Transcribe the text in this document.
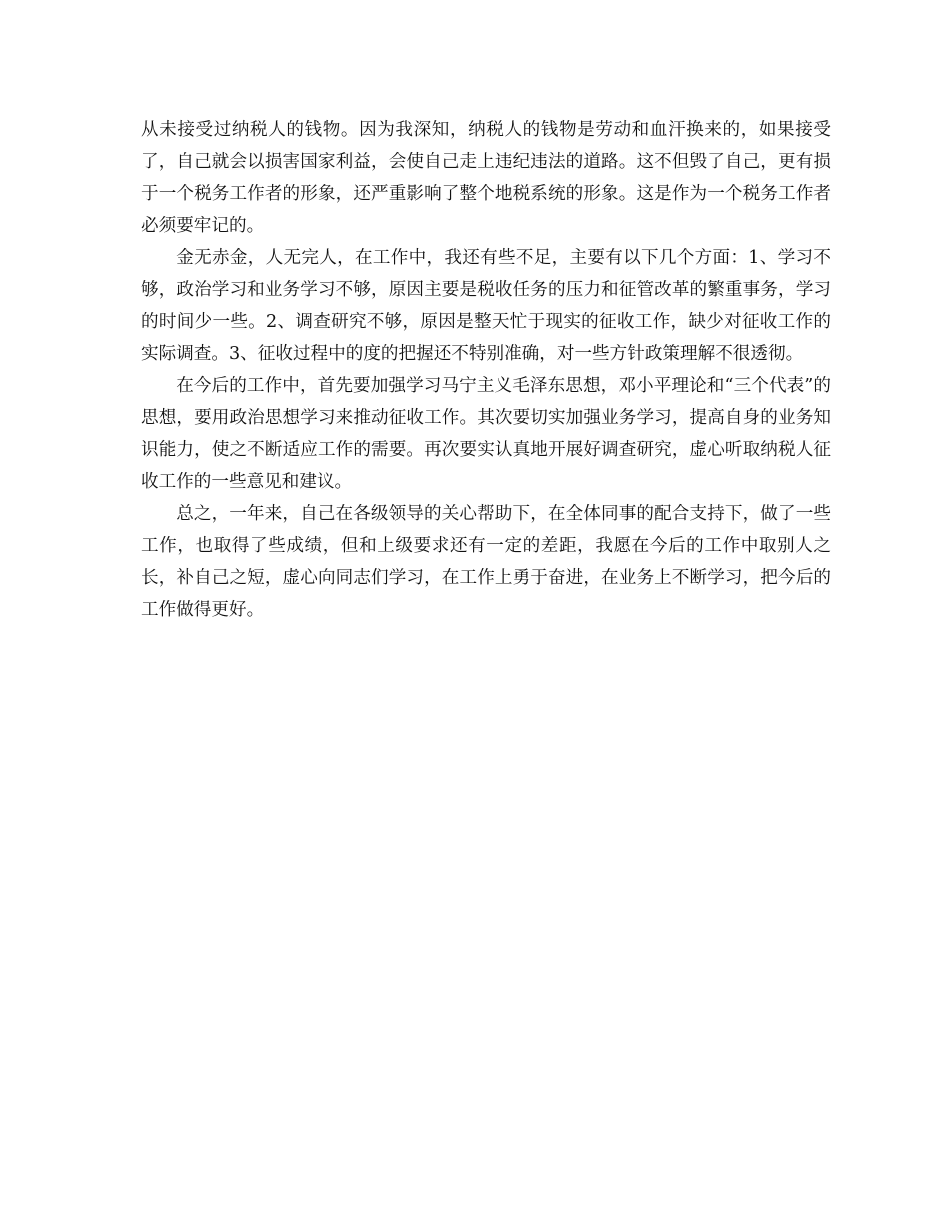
从未接受过纳税人的钱物。因为我深知，纳税人的钱物是劳动和血汗换来的，如果接受了，自己就会以损害国家利益，会使自己走上违纪违法的道路。这不但毁了自己，更有损于一个税务工作者的形象，还严重影响了整个地税系统的形象。这是作为一个税务工作者必须要牢记的。

金无赤金，人无完人，在工作中，我还有些不足，主要有以下几个方面：1、学习不够，政治学习和业务学习不够，原因主要是税收任务的压力和征管改革的繁重事务，学习的时间少一些。2、调查研究不够，原因是整天忙于现实的征收工作，缺少对征收工作的实际调查。3、征收过程中的度的把握还不特别准确，对一些方针政策理解不很透彻。

在今后的工作中，首先要加强学习马宁主义毛泽东思想，邓小平理论和“三个代表”的思想，要用政治思想学习来推动征收工作。其次要切实加强业务学习，提高自身的业务知识能力，使之不断适应工作的需要。再次要实认真地开展好调查研究，虚心听取纳税人征收工作的一些意见和建议。

总之，一年来，自己在各级领导的关心帮助下，在全体同事的配合支持下，做了一些工作，也取得了些成绩，但和上级要求还有一定的差距，我愿在今后的工作中取别人之长，补自己之短，虚心向同志们学习，在工作上勇于奋进，在业务上不断学习，把今后的工作做得更好。
